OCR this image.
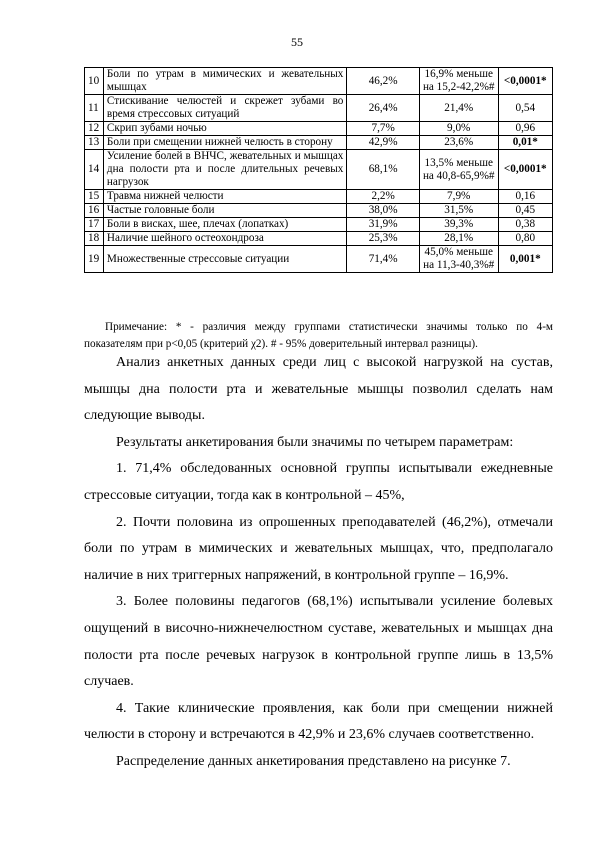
55
10	Боли по утрам в мимических и жевательных мышцах	46,2%	16,9% меньше на 15,2-42,2%#	<0,0001*
11	Стискивание челюстей и скрежет зубами во время стрессовых ситуаций	26,4%	21,4%	0,54
12	Скрип зубами ночью	7,7%	9,0%	0,96
13	Боли при смещении нижней челюсть в сторону	42,9%	23,6%	0,01*
14	Усиление болей в ВНЧС, жевательных и мышцах дна полости рта и после длительных речевых нагрузок	68,1%	13,5% меньше на 40,8-65,9%#	<0,0001*
15	Травма нижней челюсти	2,2%	7,9%	0,16
16	Частые головные боли	38,0%	31,5%	0,45
17	Боли в висках, шее, плечах (лопатках)	31,9%	39,3%	0,38
18	Наличие шейного остеохондроза	25,3%	28,1%	0,80
19	Множественные стрессовые ситуации	71,4%	45,0% меньше на 11,3-40,3%#	0,001*
Примечание: * - различия между группами статистически значимы только по 4-м показателям при p<0,05 (критерий χ2). # - 95% доверительный интервал разницы).

Анализ анкетных данных среди лиц с высокой нагрузкой на сустав, мышцы дна полости рта и жевательные мышцы позволил сделать нам следующие выводы.

Результаты анкетирования были значимы по четырем параметрам:

1. 71,4% обследованных основной группы испытывали ежедневные стрессовые ситуации, тогда как в контрольной – 45%,

2. Почти половина из опрошенных преподавателей (46,2%), отмечали боли по утрам в мимических и жевательных мышцах, что, предполагало наличие в них триггерных напряжений, в контрольной группе – 16,9%.

3. Более половины педагогов (68,1%) испытывали усиление болевых ощущений в височно-нижнечелюстном суставе, жевательных и мышцах дна полости рта после речевых нагрузок в контрольной группе лишь в 13,5% случаев.

4. Такие клинические проявления, как боли при смещении нижней челюсти в сторону и встречаются в 42,9% и 23,6% случаев соответственно.

Распределение данных анкетирования представлено на рисунке 7.
